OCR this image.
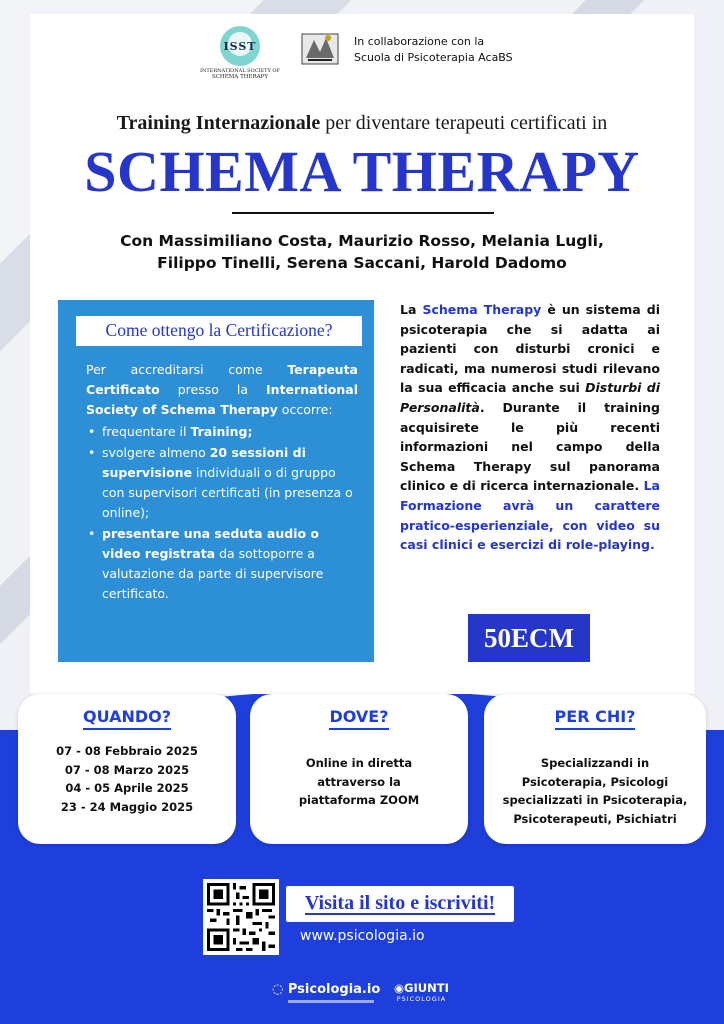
ISST
INTERNATIONAL SOCIETY OF
SCHEMA THERAPY
In collaborazione con la
Scuola di Psicoterapia AcaBS
Training Internazionale per diventare terapeuti certificati in
SCHEMA THERAPY
Con Massimiliano Costa, Maurizio Rosso, Melania Lugli,
Filippo Tinelli, Serena Saccani, Harold Dadomo
Come ottengo la Certificazione?
Per accreditarsi come Terapeuta Certificato presso la International Society of Schema Therapy occorre:
• frequentare il Training;
• svolgere almeno 20 sessioni di supervisione individuali o di gruppo con supervisori certificati (in presenza o online);
• presentare una seduta audio o video registrata da sottoporre a valutazione da parte di supervisore certificato.
La Schema Therapy è un sistema di psicoterapia che si adatta ai pazienti con disturbi cronici e radicati, ma numerosi studi rilevano la sua efficacia anche sui Disturbi di Personalità. Durante il training acquisirete le più recenti informazioni nel campo della Schema Therapy sul panorama clinico e di ricerca internazionale. La Formazione avrà un carattere pratico-esperienziale, con video su casi clinici e esercizi di role-playing.
50ECM
QUANDO?
07 - 08 Febbraio 2025
07 - 08 Marzo 2025
04 - 05 Aprile 2025
23 - 24 Maggio 2025
DOVE?
Online in diretta
attraverso la
piattaforma ZOOM
PER CHI?
Specializzandi in
Psicoterapia, Psicologi
specializzati in Psicoterapia,
Psicoterapeuti, Psichiatri
Visita il sito e iscriviti!
www.psicologia.io
◌ Psicologia.io ◉GIUNTI
PSICOLOGIA
